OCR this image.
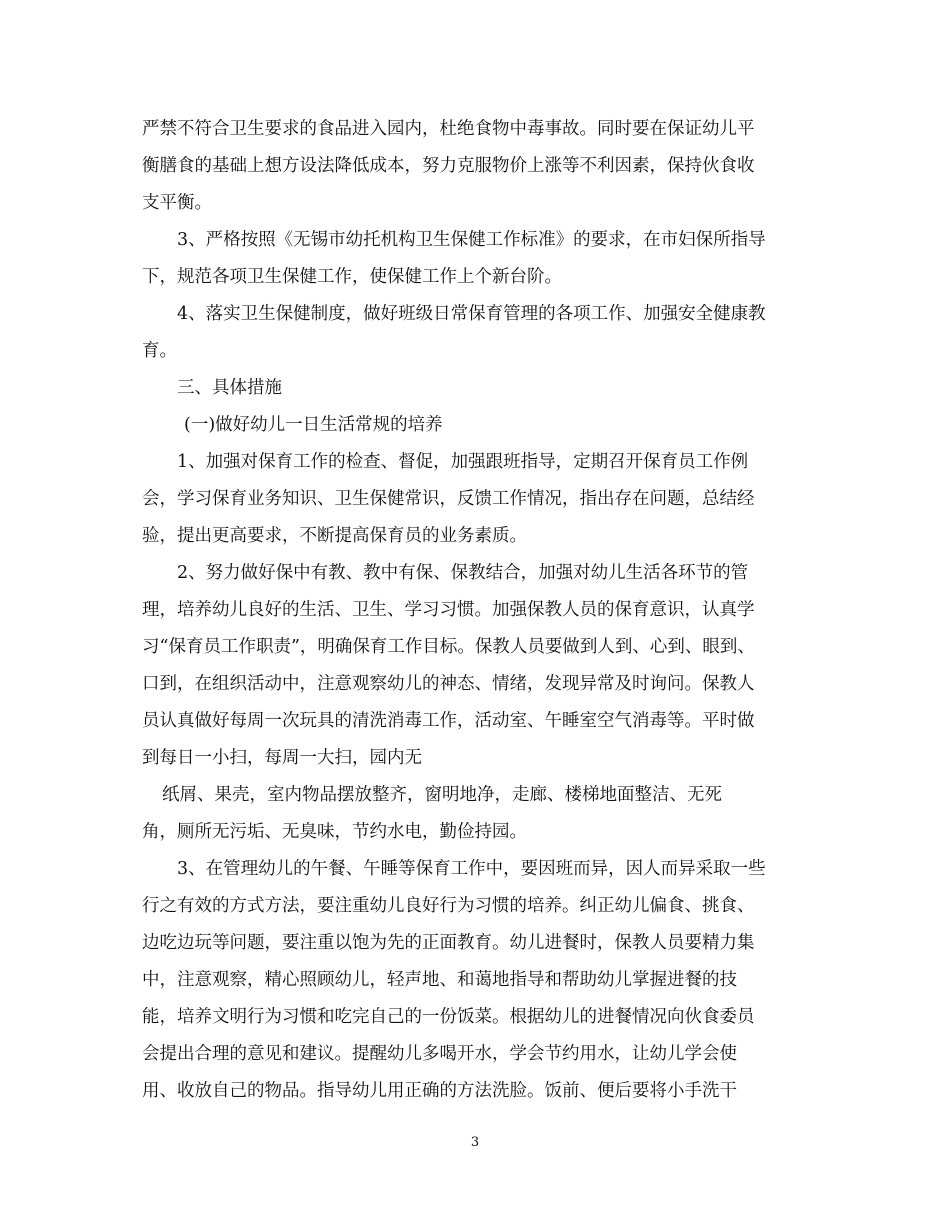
严禁不符合卫生要求的食品进入园内，杜绝食物中毒事故。同时要在保证幼儿平
衡膳食的基础上想方设法降低成本，努力克服物价上涨等不利因素，保持伙食收
支平衡。
3、严格按照《无锡市幼托机构卫生保健工作标准》的要求，在市妇保所指导
下，规范各项卫生保健工作，使保健工作上个新台阶。
4、落实卫生保健制度，做好班级日常保育管理的各项工作、加强安全健康教
育。
三、具体措施
(一)做好幼儿一日生活常规的培养
1、加强对保育工作的检查、督促，加强跟班指导，定期召开保育员工作例
会，学习保育业务知识、卫生保健常识，反馈工作情况，指出存在问题，总结经
验，提出更高要求，不断提高保育员的业务素质。
2、努力做好保中有教、教中有保、保教结合，加强对幼儿生活各环节的管
理，培养幼儿良好的生活、卫生、学习习惯。加强保教人员的保育意识，认真学
习“保育员工作职责”，明确保育工作目标。保教人员要做到人到、心到、眼到、
口到，在组织活动中，注意观察幼儿的神态、情绪，发现异常及时询问。保教人
员认真做好每周一次玩具的清洗消毒工作，活动室、午睡室空气消毒等。平时做
到每日一小扫，每周一大扫，园内无
纸屑、果壳，室内物品摆放整齐，窗明地净，走廊、楼梯地面整洁、无死
角，厕所无污垢、无臭味，节约水电，勤俭持园。
3、在管理幼儿的午餐、午睡等保育工作中，要因班而异，因人而异采取一些
行之有效的方式方法，要注重幼儿良好行为习惯的培养。纠正幼儿偏食、挑食、
边吃边玩等问题，要注重以饱为先的正面教育。幼儿进餐时，保教人员要精力集
中，注意观察，精心照顾幼儿，轻声地、和蔼地指导和帮助幼儿掌握进餐的技
能，培养文明行为习惯和吃完自己的一份饭菜。根据幼儿的进餐情况向伙食委员
会提出合理的意见和建议。提醒幼儿多喝开水，学会节约用水，让幼儿学会使
用、收放自己的物品。指导幼儿用正确的方法洗脸。饭前、便后要将小手洗干
3
